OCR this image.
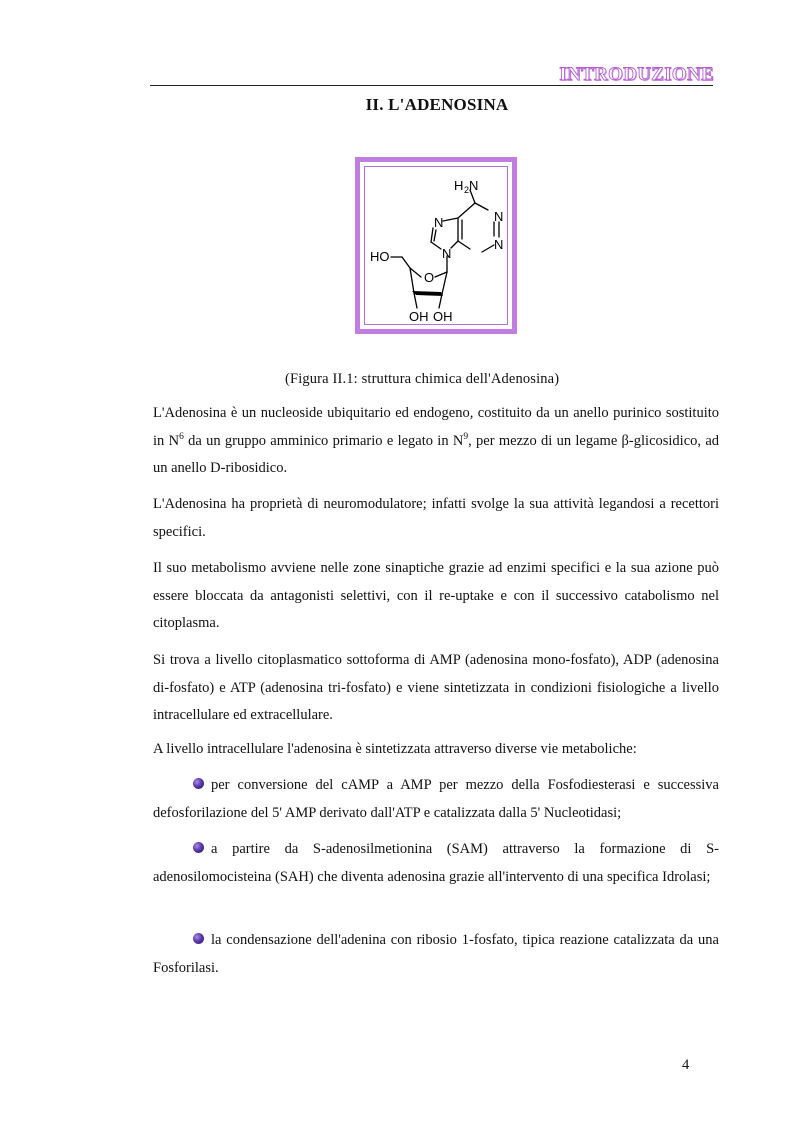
INTRODUZIONE
II. L'ADENOSINA
H 2 N
N
N
N
N
HO
O
OH OH
(Figura II.1: struttura chimica dell'Adenosina)

L'Adenosina è un nucleoside ubiquitario ed endogeno, costituito da un anello purinico sostituito in $N^6$ da un gruppo amminico primario e legato in $N^9$, per mezzo di un legame β-glicosidico, ad un anello D-ribosidico.

L'Adenosina ha proprietà di neuromodulatore; infatti svolge la sua attività legandosi a recettori specifici.

Il suo metabolismo avviene nelle zone sinaptiche grazie ad enzimi specifici e la sua azione può essere bloccata da antagonisti selettivi, con il re-uptake e con il successivo catabolismo nel citoplasma.

Si trova a livello citoplasmatico sottoforma di AMP (adenosina mono-fosfato), ADP (adenosina di-fosfato) e ATP (adenosina tri-fosfato) e viene sintetizzata in condizioni fisiologiche a livello intracellulare ed extracellulare.

A livello intracellulare l'adenosina è sintetizzata attraverso diverse vie metaboliche:

per conversione del cAMP a AMP per mezzo della Fosfodiesterasi e successiva defosforilazione del 5' AMP derivato dall'ATP e catalizzata dalla 5' Nucleotidasi;

a partire da S-adenosilmetionina (SAM) attraverso la formazione di S-adenosilomocisteina (SAH) che diventa adenosina grazie all'intervento di una specifica Idrolasi;

la condensazione dell'adenina con ribosio 1-fosfato, tipica reazione catalizzata da una Fosforilasi.

4
